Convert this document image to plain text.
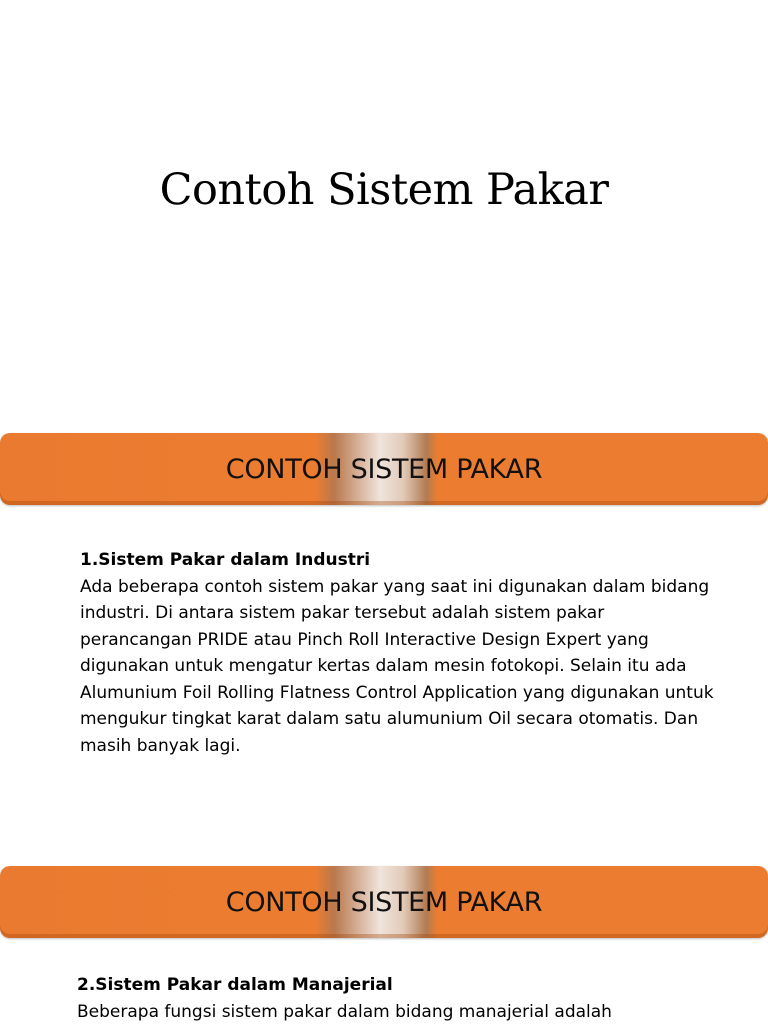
Contoh Sistem Pakar
CONTOH SISTEM PAKAR
1.Sistem Pakar dalam Industri
Ada beberapa contoh sistem pakar yang saat ini digunakan dalam bidang industri. Di antara sistem pakar tersebut adalah sistem pakar perancangan PRIDE atau Pinch Roll Interactive Design Expert yang digunakan untuk mengatur kertas dalam mesin fotokopi. Selain itu ada Alumunium Foil Rolling Flatness Control Application yang digunakan untuk mengukur tingkat karat dalam satu alumunium Oil secara otomatis. Dan masih banyak lagi.
CONTOH SISTEM PAKAR
2.Sistem Pakar dalam Manajerial
Beberapa fungsi sistem pakar dalam bidang manajerial adalah
